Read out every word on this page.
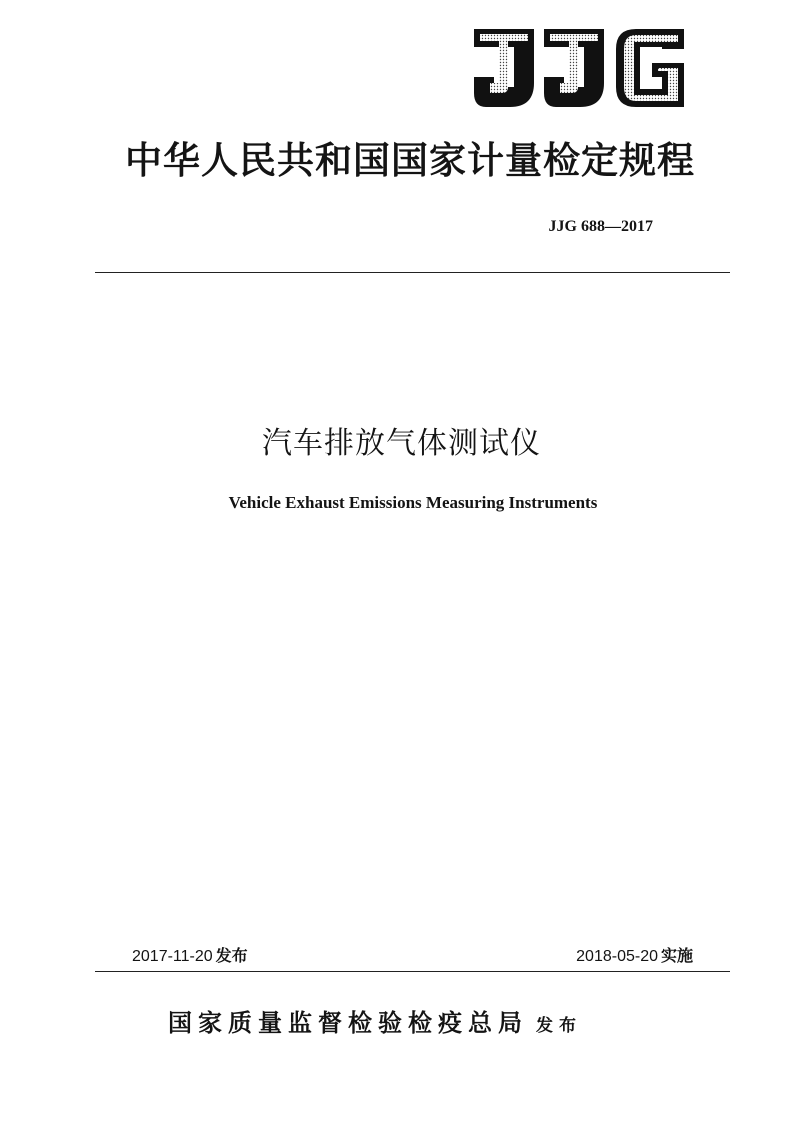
中华人民共和国国家计量检定规程
JJG 688—2017
汽车排放气体测试仪
Vehicle Exhaust Emissions Measuring Instruments
2017-11-20 发布	2018-05-20 实施
国家质量监督检验检疫总局 发布
